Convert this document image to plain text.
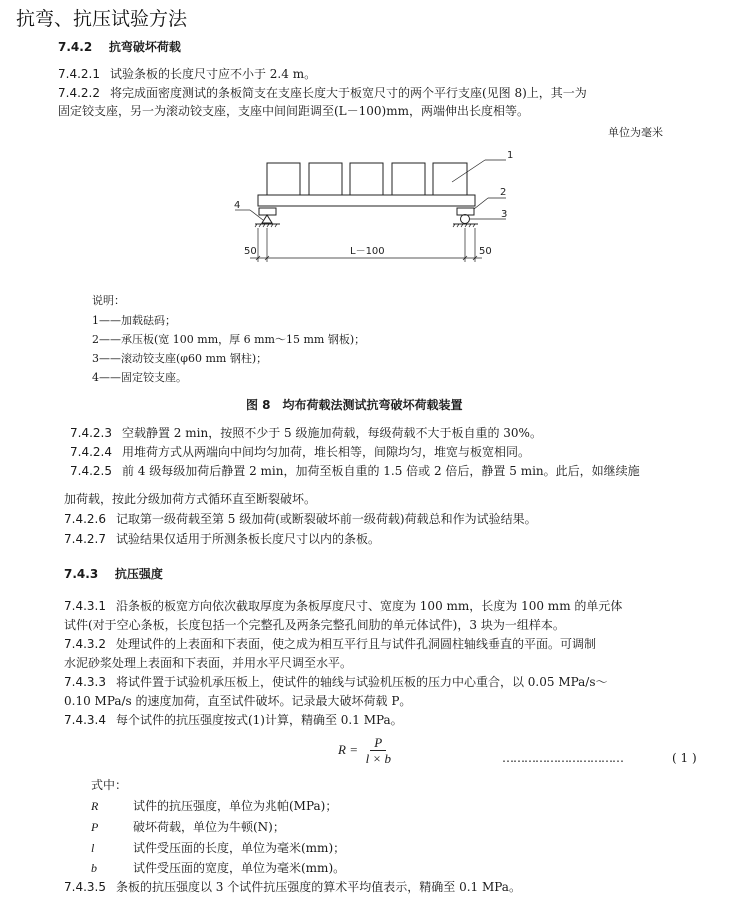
抗弯、抗压试验方法
7.4.2 抗弯破坏荷载
7.4.2.1 试验条板的长度尺寸应不小于 2.4 m。
7.4.2.2 将完成面密度测试的条板简支在支座长度大于板宽尺寸的两个平行支座(见图 8)上，其一为
固定铰支座，另一为滚动铰支座，支座中间间距调至(L－100)mm，两端伸出长度相等。
单位为毫米
1
2
3
4
50	L－100	50
说明：
1——加载砝码；
2——承压板(宽 100 mm，厚 6 mm～15 mm 钢板)；
3——滚动铰支座(φ60 mm 钢柱)；
4——固定铰支座。
图 8　均布荷载法测试抗弯破坏荷载装置
7.4.2.3 空载静置 2 min，按照不少于 5 级施加荷载，每级荷载不大于板自重的 30%。
7.4.2.4 用堆荷方式从两端向中间均匀加荷，堆长相等，间隙均匀，堆宽与板宽相同。
7.4.2.5 前 4 级每级加荷后静置 2 min，加荷至板自重的 1.5 倍或 2 倍后，静置 5 min。此后，如继续施
加荷载，按此分级加荷方式循环直至断裂破坏。
7.4.2.6 记取第一级荷载至第 5 级加荷(或断裂破坏前一级荷载)荷载总和作为试验结果。
7.4.2.7 试验结果仅适用于所测条板长度尺寸以内的条板。
7.4.3 抗压强度
7.4.3.1 沿条板的板宽方向依次截取厚度为条板厚度尺寸、宽度为 100 mm，长度为 100 mm 的单元体
试件(对于空心条板，长度包括一个完整孔及两条完整孔间肋的单元体试件)，3 块为一组样本。
7.4.3.2 处理试件的上表面和下表面，使之成为相互平行且与试件孔洞圆柱轴线垂直的平面。可调制
水泥砂浆处理上表面和下表面，并用水平尺调至水平。
7.4.3.3 将试件置于试验机承压板上，使试件的轴线与试验机压板的压力中心重合，以 0.05 MPa/s～
0.10 MPa/s 的速度加荷，直至试件破坏。记录最大破坏荷载 P。
7.4.3.4 每个试件的抗压强度按式(1)计算，精确至 0.1 MPa。
$R = \frac{P}{l \times b}$	……………………………	( 1 )
式中：
R	试件的抗压强度，单位为兆帕(MPa)；
P	破坏荷载，单位为牛顿(N)；
l	试件受压面的长度，单位为毫米(mm)；
b	试件受压面的宽度，单位为毫米(mm)。
7.4.3.5 条板的抗压强度以 3 个试件抗压强度的算术平均值表示，精确至 0.1 MPa。
